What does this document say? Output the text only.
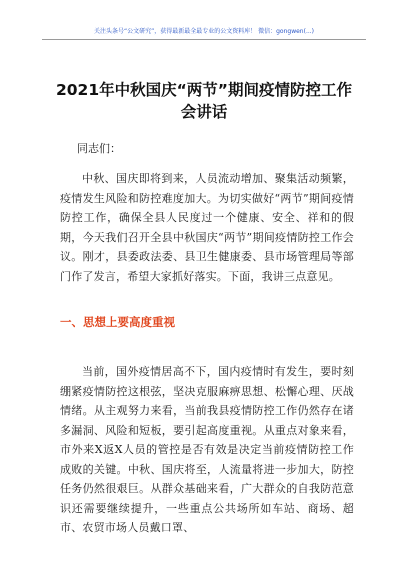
关注头条号“公文研究”，获得最新最全最专业的公文资料库！ 微信：gongwen(...)
2021年中秋国庆“两节”期间疫情防控工作
会讲话
同志们：

中秋、国庆即将到来，人员流动增加、聚集活动频繁，疫情发生风险和防控难度加大。为切实做好“两节”期间疫情防控工作，确保全县人民度过一个健康、安全、祥和的假期，今天我们召开全县中秋国庆“两节”期间疫情防控工作会议。刚才，县委政法委、县卫生健康委、县市场管理局等部门作了发言，希望大家抓好落实。下面，我讲三点意见。

一、思想上要高度重视

当前，国外疫情居高不下，国内疫情时有发生，要时刻绷紧疫情防控这根弦，坚决克服麻痹思想、松懈心理、厌战情绪。从主观努力来看，当前我县疫情防控工作仍然存在诸多漏洞、风险和短板，要引起高度重视。从重点对象来看，市外来X返X人员的管控是否有效是决定当前疫情防控工作成败的关键。中秋、国庆将至，人流量将进一步加大，防控任务仍然很艰巨。从群众基础来看，广大群众的自我防范意识还需要继续提升，一些重点公共场所如车站、商场、超市、农贸市场人员戴口罩、
